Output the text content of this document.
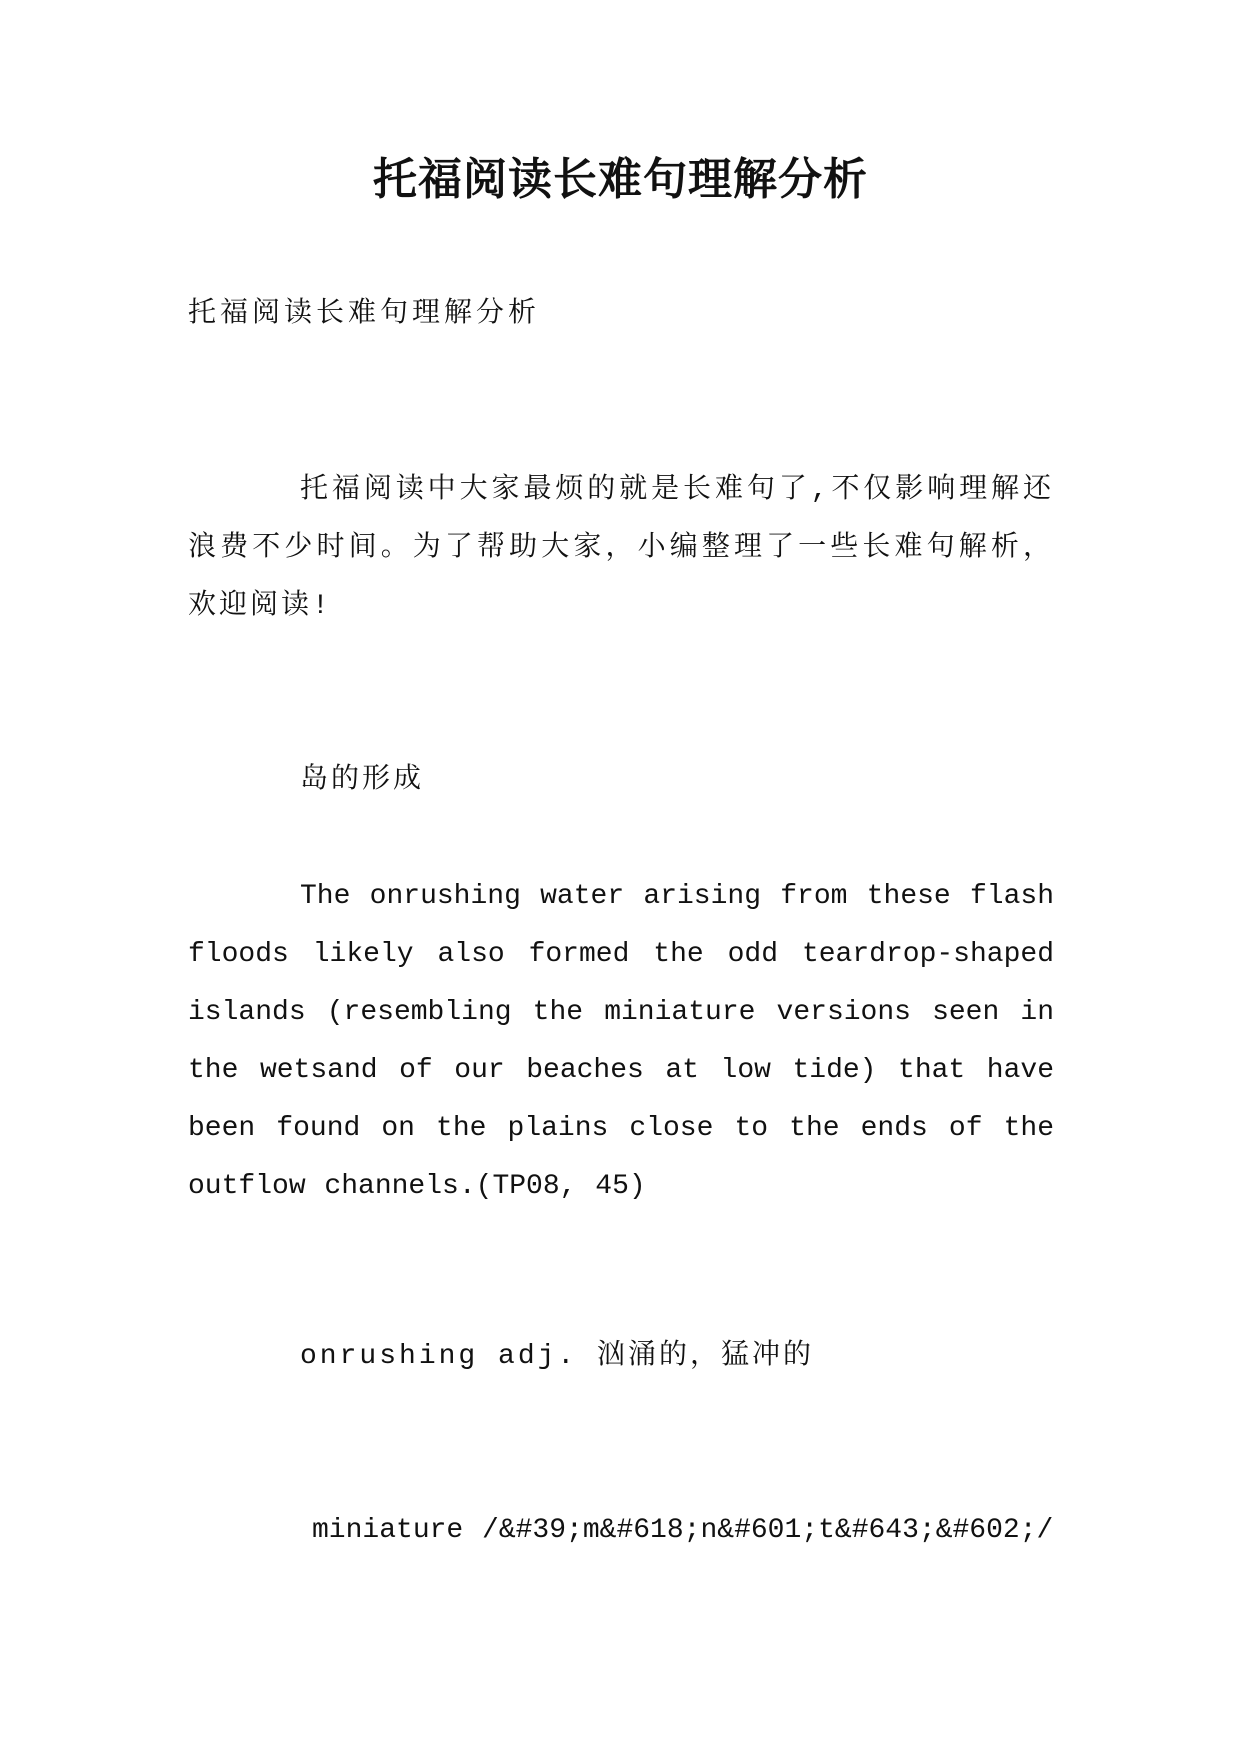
托福阅读长难句理解分析
托福阅读长难句理解分析

托福阅读中大家最烦的就是长难句了,不仅影响理解还浪费不少时间。为了帮助大家，小编整理了一些长难句解析，欢迎阅读!

岛的形成

The onrushing water arising from these flash floods likely also formed the odd teardrop-shaped islands (resembling the miniature versions seen in the wetsand of our beaches at low tide) that have been found on the plains close to the ends of the outflow channels.(TP08, 45)

onrushing adj. 汹涌的，猛冲的

miniature /&#39;m&#618;n&#601;t&#643;&#602;/
